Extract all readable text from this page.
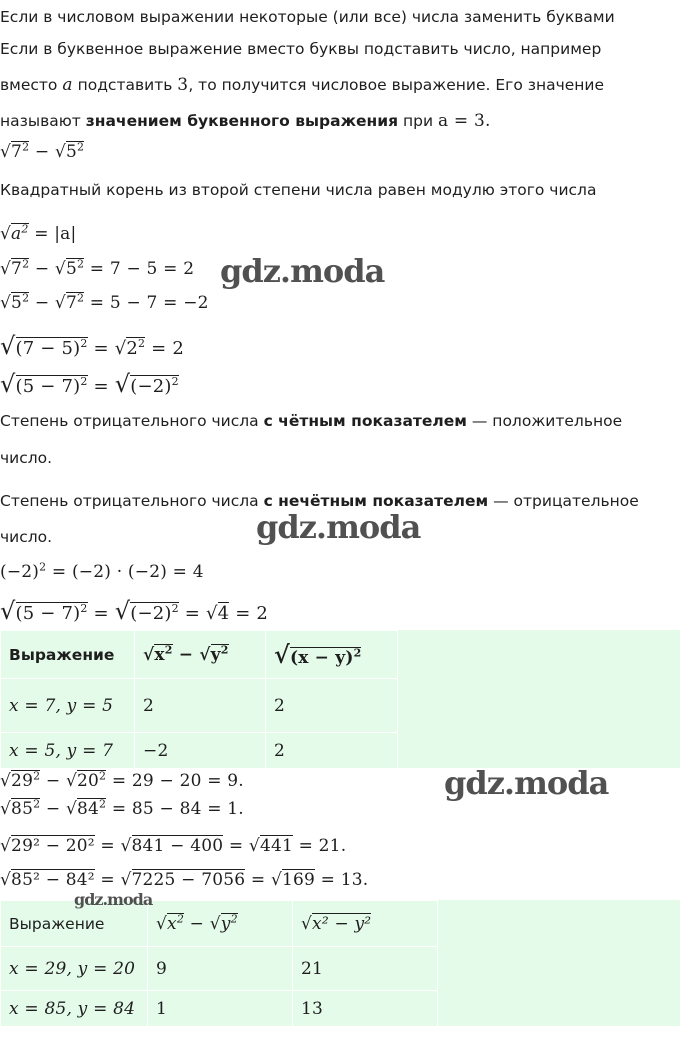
Если в числовом выражении некоторые (или все) числа заменить буквами
Если в буквенное выражение вместо буквы подставить число, например
вместо a подставить 3, то получится числовое выражение. Его значение
называют значением буквенного выражения при a = 3.
$√7^2 - √5^2$
Квадратный корень из второй степени числа равен модулю этого числа
$√a^2 = |a|$
$√7^2 - √5^2 = 7 - 5 = 2$
$√5^2 - √7^2 = 5 - 7 = -2$
$√(7 - 5)^2 = √2^2 = 2$
$√(5 - 7)^2 = √(-2)^2$
Степень отрицательного числа с чётным показателем — положительное
число.
Степень отрицательного числа с нечётным показателем — отрицательное
число.
$(-2)^2 = (-2) \cdot (-2) = 4$
$√(5 - 7)^2 = √(-2)^2 = √4 = 2$
Выражение	$√x^2 - √y^2$	$√(x - y)^2$
x = 7, y = 5	2	2
x = 5, y = 7	−2	2
$√29^2 - √20^2 = 29 - 20 = 9$.
$√85^2 - √84^2 = 85 - 84 = 1$.
√29² − 20² = √841 − 400 = √441 = 21.
√85² − 84² = √7225 − 7056 = √169 = 13.
Выражение	$√x^2 - √y^2$	√x² − y²
x = 29, y = 20	9	21
x = 85, y = 84	1	13
gdz.moda
gdz.moda
gdz.moda
gdz.moda
